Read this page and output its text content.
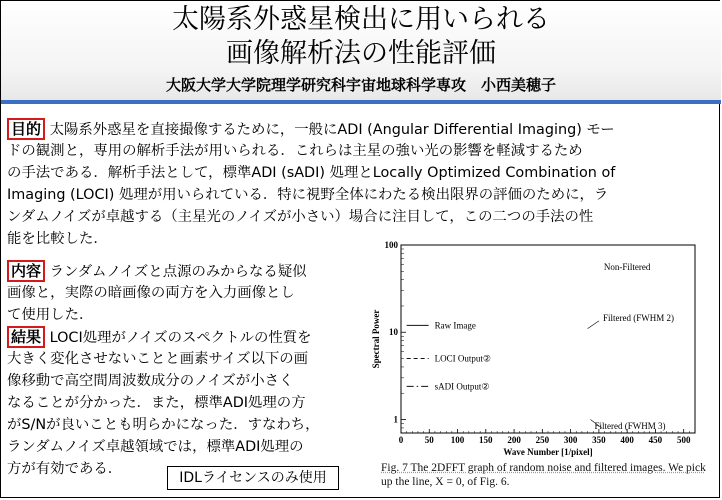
太陽系外惑星検出に用いられる
画像解析法の性能評価
大阪大学大学院理学研究科宇宙地球科学専攻　小西美穂子
目的 太陽系外惑星を直接撮像するために，一般にADI (Angular Differential Imaging) モー
ドの観測と，専用の解析手法が用いられる．これらは主星の強い光の影響を軽減するため
の手法である．解析手法として，標準ADI (sADI) 処理とLocally Optimized Combination of
Imaging (LOCI) 処理が用いられている．特に視野全体にわたる検出限界の評価のために，ラ
ンダムノイズが卓越する（主星光のノイズが小さい）場合に注目して，この二つの手法の性
能を比較した．
内容 ランダムノイズと点源のみからなる疑似
画像と，実際の暗画像の両方を入力画像とし
て使用した．
結果 LOCI処理がノイズのスペクトルの性質を
大きく変化させないことと画素サイズ以下の画
像移動で高空間周波数成分のノイズが小さく
なることが分かった．また，標準ADI処理の方
がS/Nが良いことも明らかになった．すなわち，
ランダムノイズ卓越領域では，標準ADI処理の
方が有効である．
IDLライセンスのみ使用
0 50 100 150 200 250 300 350 400 450 500
1
10
100
Wave Number [1/pixel]
Spectral Power
Non-Filtered
Filtered (FWHM 2)
Filtered (FWHM 3)
Raw Image
LOCI Output②
sADI Output②
Fig. 7 The 2DFFT graph of random noise and filtered images. We pick
up the line, X = 0, of Fig. 6.
